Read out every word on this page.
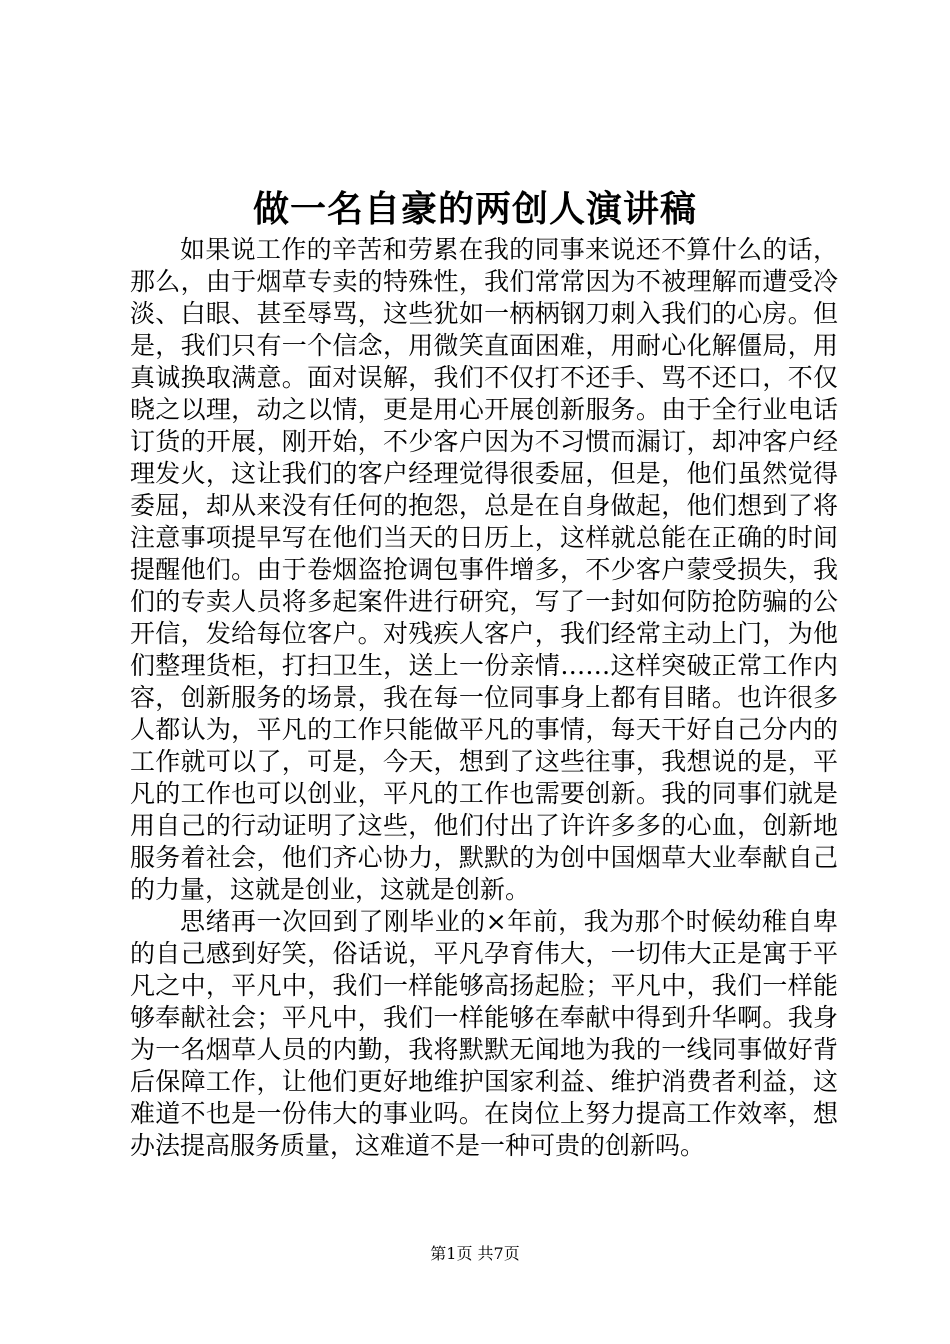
做一名自豪的两创人演讲稿

如果说工作的辛苦和劳累在我的同事来说还不算什么的话，那么，由于烟草专卖的特殊性，我们常常因为不被理解而遭受冷淡、白眼、甚至辱骂，这些犹如一柄柄钢刀刺入我们的心房。但是，我们只有一个信念，用微笑直面困难，用耐心化解僵局，用真诚换取满意。面对误解，我们不仅打不还手、骂不还口，不仅晓之以理，动之以情，更是用心开展创新服务。由于全行业电话订货的开展，刚开始，不少客户因为不习惯而漏订，却冲客户经理发火，这让我们的客户经理觉得很委屈，但是，他们虽然觉得委屈，却从来没有任何的抱怨，总是在自身做起，他们想到了将注意事项提早写在他们当天的日历上，这样就总能在正确的时间提醒他们。由于卷烟盗抢调包事件增多，不少客户蒙受损失，我们的专卖人员将多起案件进行研究，写了一封如何防抢防骗的公开信，发给每位客户。对残疾人客户，我们经常主动上门，为他们整理货柜，打扫卫生，送上一份亲情……这样突破正常工作内容，创新服务的场景，我在每一位同事身上都有目睹。也许很多人都认为，平凡的工作只能做平凡的事情，每天干好自己分内的工作就可以了，可是，今天，想到了这些往事，我想说的是，平凡的工作也可以创业，平凡的工作也需要创新。我的同事们就是用自己的行动证明了这些，他们付出了许许多多的心血，创新地服务着社会，他们齐心协力，默默的为创中国烟草大业奉献自己的力量，这就是创业，这就是创新。

思绪再一次回到了刚毕业的×年前，我为那个时候幼稚自卑的自己感到好笑，俗话说，平凡孕育伟大，一切伟大正是寓于平凡之中，平凡中，我们一样能够高扬起脸；平凡中，我们一样能够奉献社会；平凡中，我们一样能够在奉献中得到升华啊。我身为一名烟草人员的内勤，我将默默无闻地为我的一线同事做好背后保障工作，让他们更好地维护国家利益、维护消费者利益，这难道不也是一份伟大的事业吗。在岗位上努力提高工作效率，想办法提高服务质量，这难道不是一种可贵的创新吗。

第1页 共7页
